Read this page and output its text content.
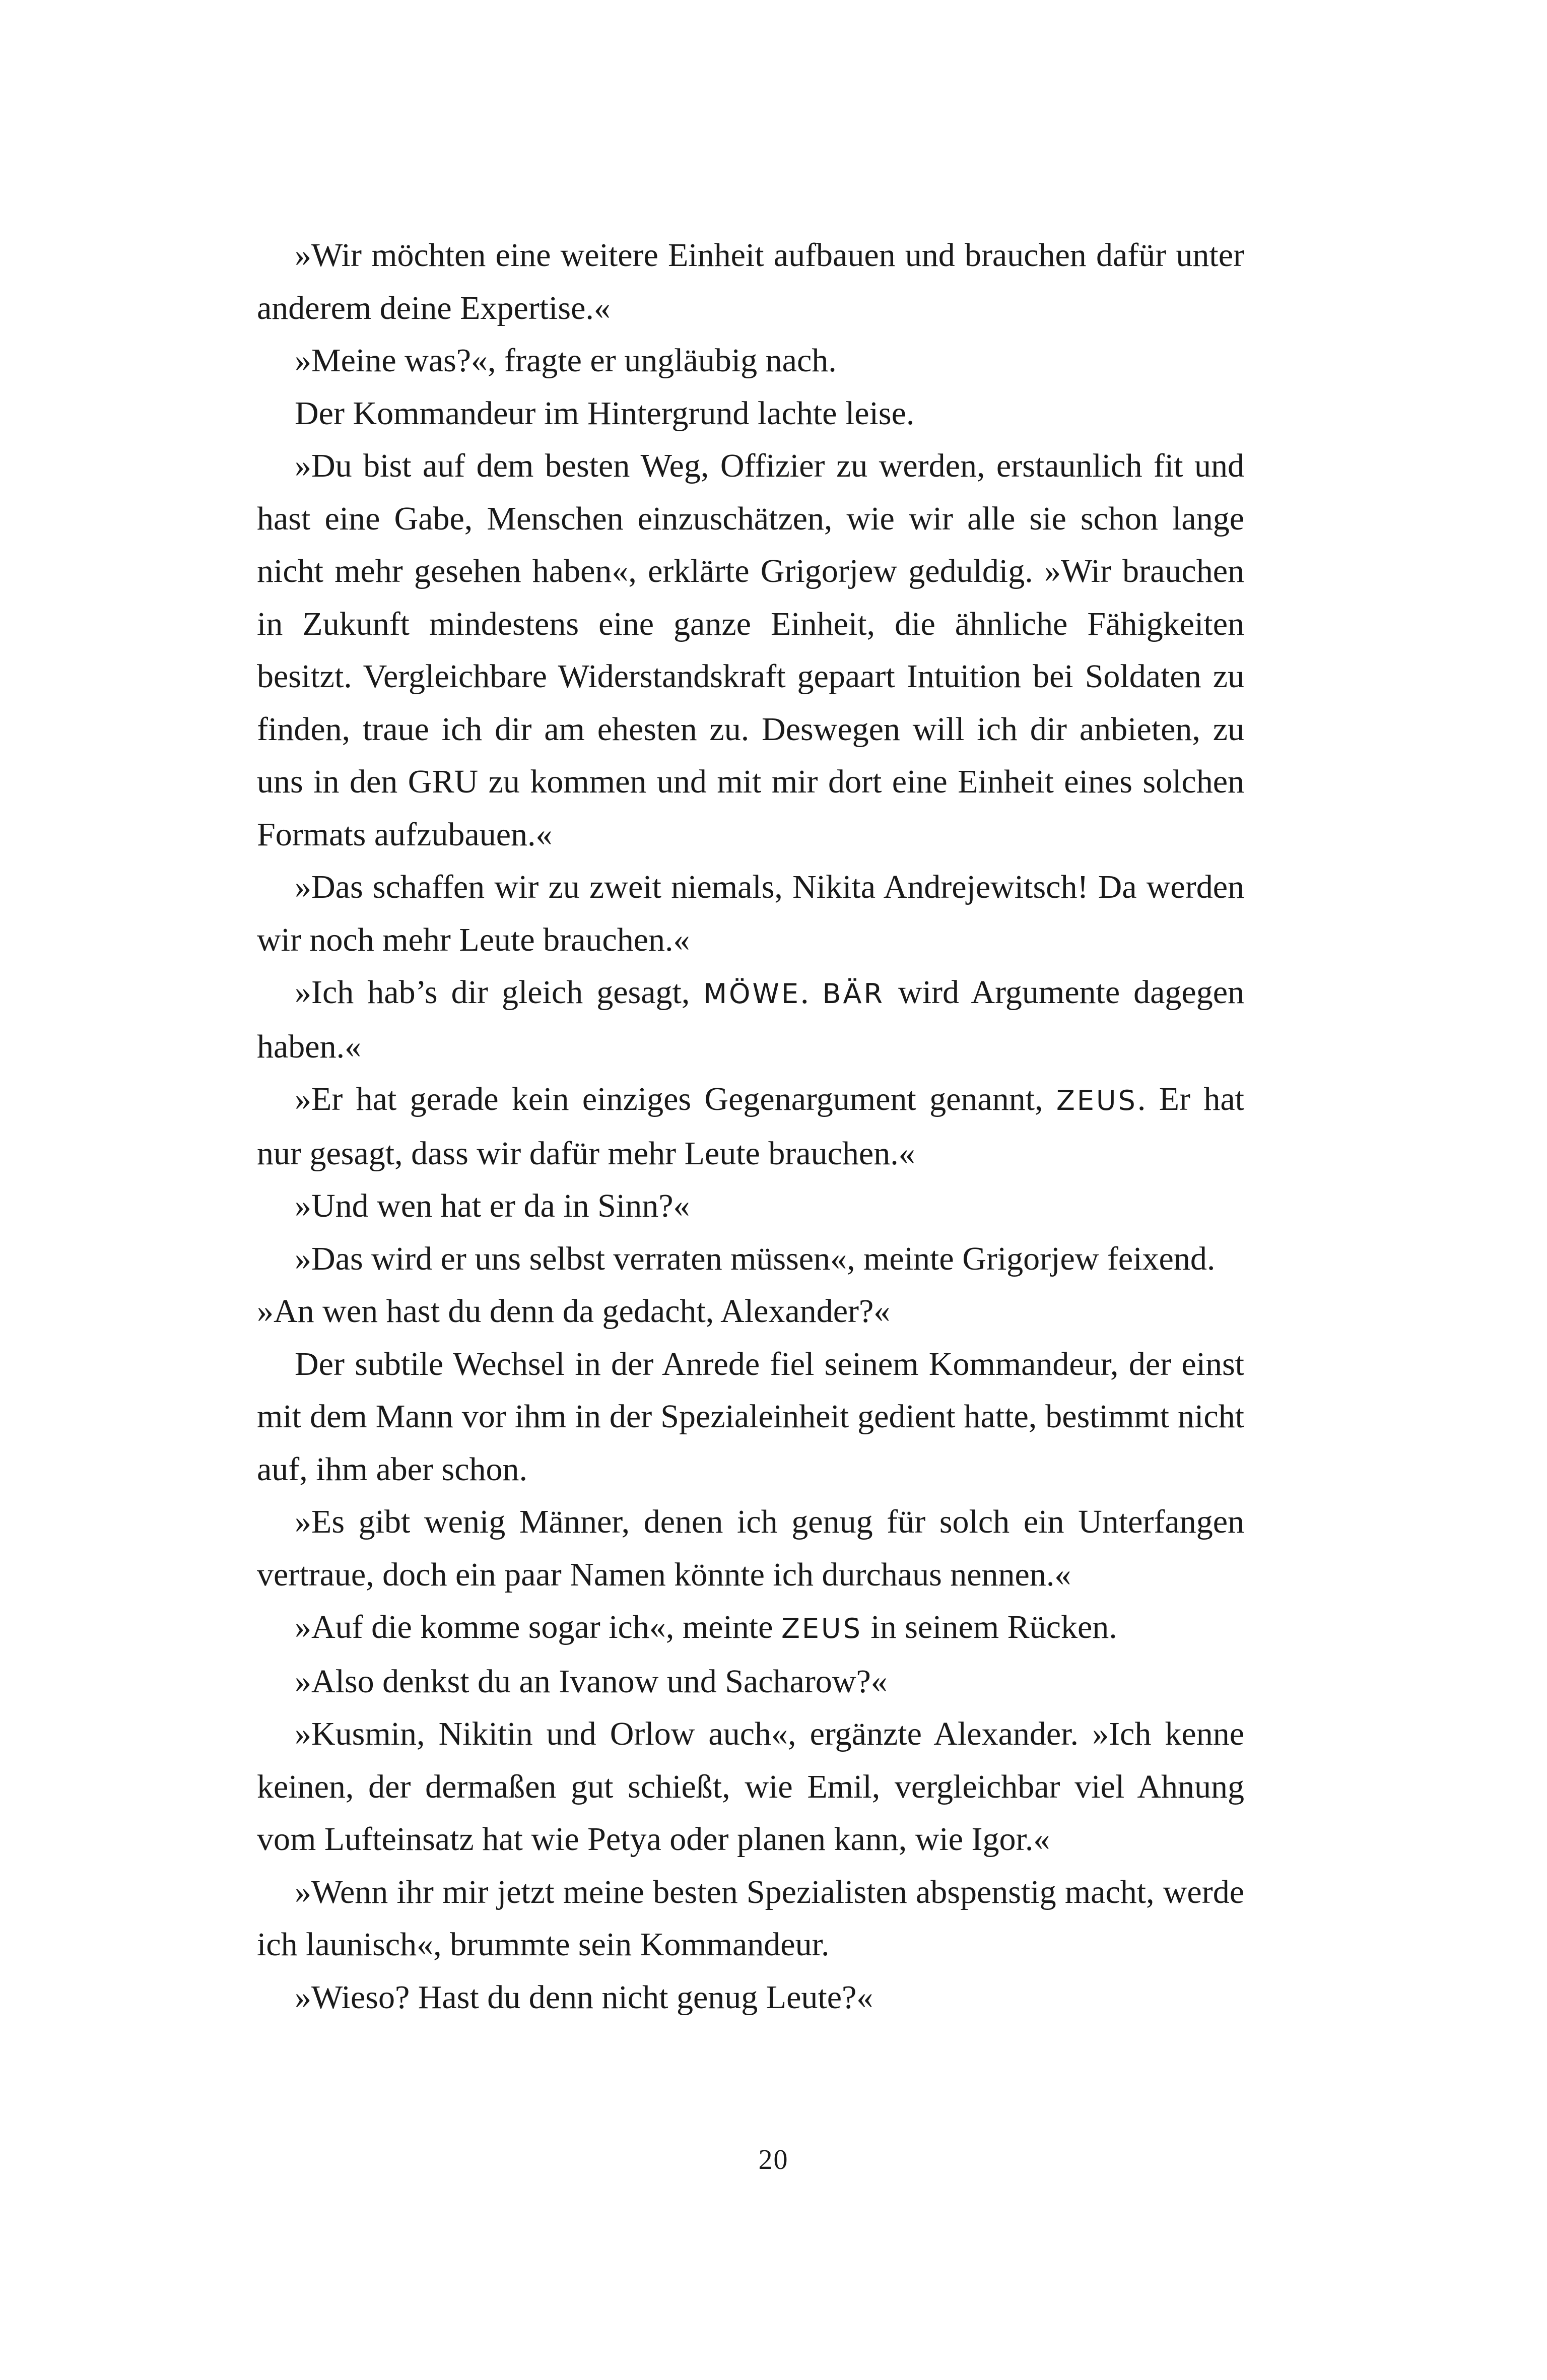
»Wir möchten eine weitere Einheit aufbauen und brauchen dafür unter anderem deine Expertise.«

»Meine was?«, fragte er ungläubig nach.

Der Kommandeur im Hintergrund lachte leise.

»Du bist auf dem besten Weg, Offizier zu werden, erstaunlich fit und hast eine Gabe, Menschen einzuschätzen, wie wir alle sie schon lange nicht mehr gesehen haben«, erklärte Grigorjew geduldig. »Wir brauchen in Zukunft mindestens eine ganze Einheit, die ähnliche Fähigkeiten besitzt. Vergleichbare Widerstandskraft gepaart Intuition bei Soldaten zu finden, traue ich dir am ehesten zu. Deswegen will ich dir anbieten, zu uns in den GRU zu kommen und mit mir dort eine Einheit eines solchen Formats aufzubauen.«

»Das schaffen wir zu zweit niemals, Nikita Andrejewitsch! Da werden wir noch mehr Leute brauchen.«

»Ich hab’s dir gleich gesagt, MÖWE. BÄR wird Argumente dagegen haben.«

»Er hat gerade kein einziges Gegenargument genannt, ZEUS. Er hat nur gesagt, dass wir dafür mehr Leute brauchen.«

»Und wen hat er da in Sinn?«

»Das wird er uns selbst verraten müssen«, meinte Grigorjew feixend.

»An wen hast du denn da gedacht, Alexander?«

Der subtile Wechsel in der Anrede fiel seinem Kommandeur, der einst mit dem Mann vor ihm in der Spezialeinheit gedient hatte, bestimmt nicht auf, ihm aber schon.

»Es gibt wenig Männer, denen ich genug für solch ein Unterfangen vertraue, doch ein paar Namen könnte ich durchaus nennen.«

»Auf die komme sogar ich«, meinte ZEUS in seinem Rücken.

»Also denkst du an Ivanow und Sacharow?«

»Kusmin, Nikitin und Orlow auch«, ergänzte Alexander. »Ich kenne keinen, der dermaßen gut schießt, wie Emil, vergleichbar viel Ahnung vom Lufteinsatz hat wie Petya oder planen kann, wie Igor.«

»Wenn ihr mir jetzt meine besten Spezialisten abspenstig macht, werde ich launisch«, brummte sein Kommandeur.

»Wieso? Hast du denn nicht genug Leute?«

20
